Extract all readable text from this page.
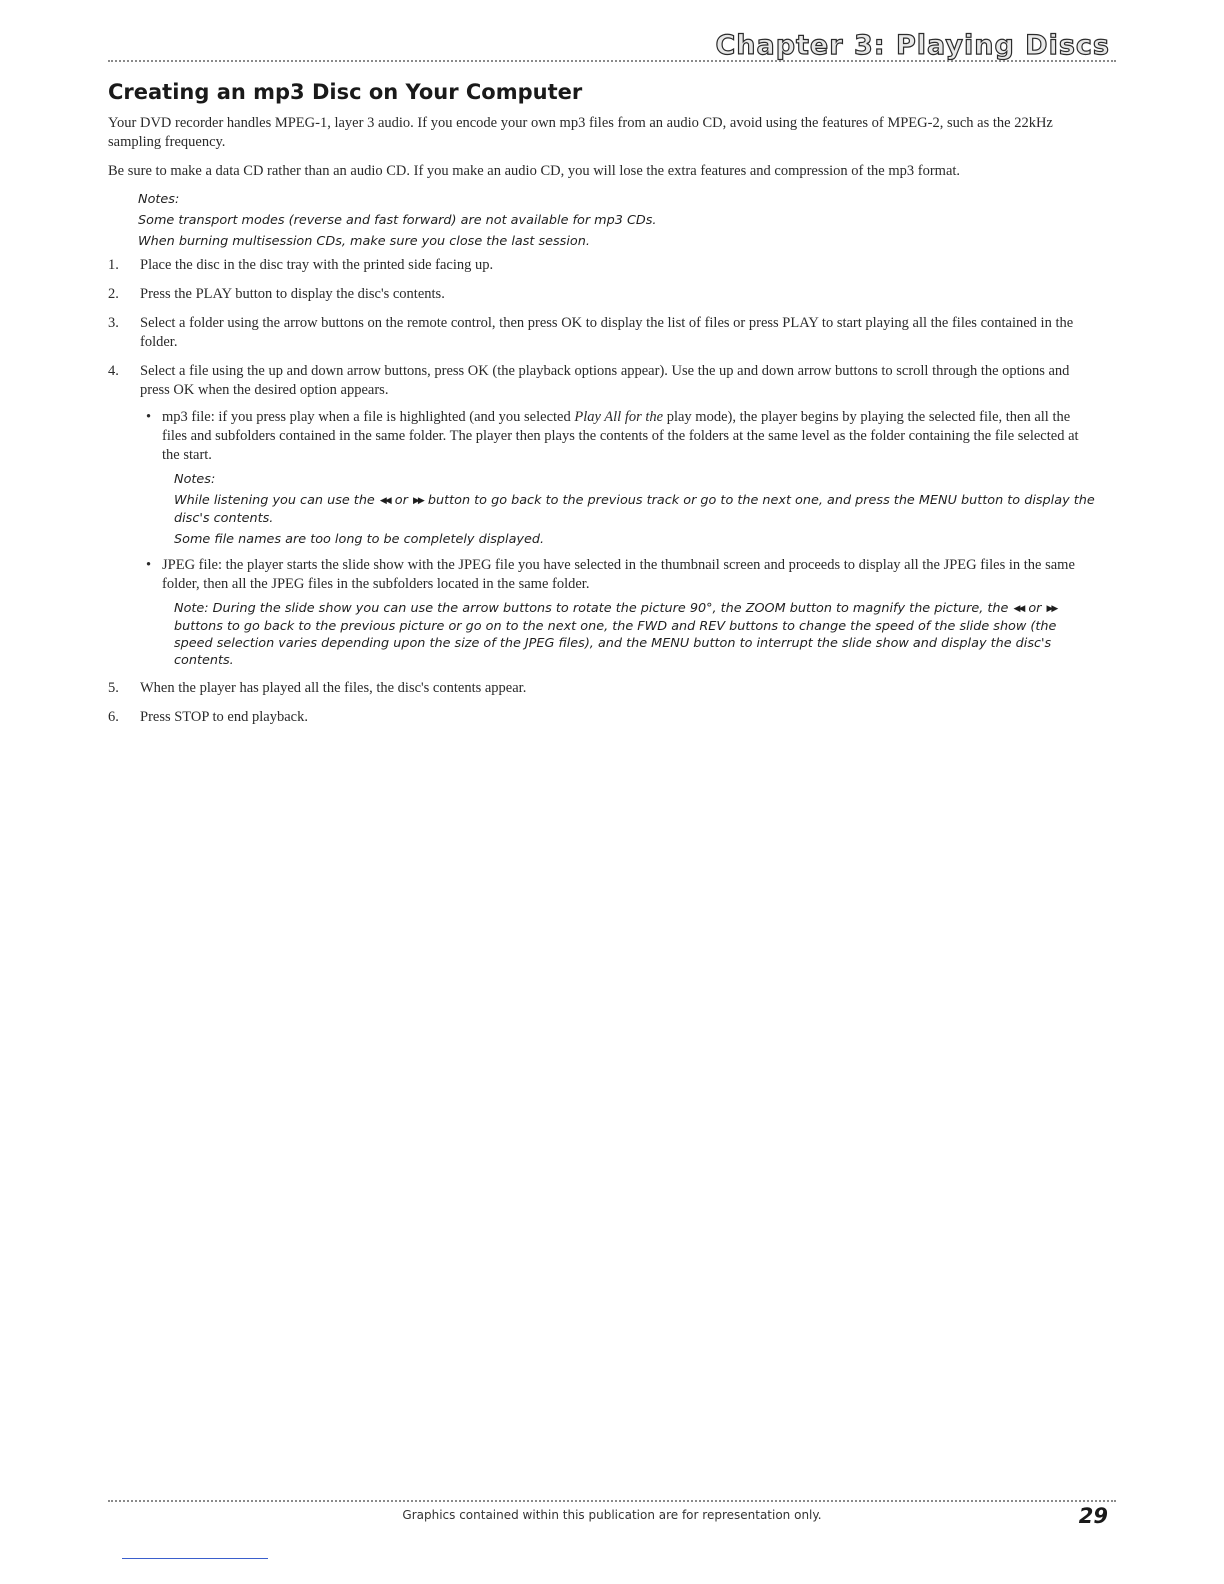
Chapter 3: Playing Discs
Creating an mp3 Disc on Your Computer

Your DVD recorder handles MPEG-1, layer 3 audio. If you encode your own mp3 files from an audio CD, avoid using the features of MPEG-2, such as the 22kHz sampling frequency.

Be sure to make a data CD rather than an audio CD. If you make an audio CD, you will lose the extra features and compression of the mp3 format.

Notes:
Some transport modes (reverse and fast forward) are not available for mp3 CDs.
When burning multisession CDs, make sure you close the last session.
1. Place the disc in the disc tray with the printed side facing up.
2. Press the PLAY button to display the disc's contents.
3. Select a folder using the arrow buttons on the remote control, then press OK to display the list of files or press PLAY to start playing all the files contained in the folder.
4. Select a file using the up and down arrow buttons, press OK (the playback options appear). Use the up and down arrow buttons to scroll through the options and press OK when the desired option appears.
• mp3 file: if you press play when a file is highlighted (and you selected Play All for the play mode), the player begins by playing the selected file, then all the files and subfolders contained in the same folder. The player then plays the contents of the folders at the same level as the folder containing the file selected at the start.
Notes:
While listening you can use the ◀◀ or ▶▶ button to go back to the previous track or go to the next one, and press the MENU button to display the disc's contents.
Some file names are too long to be completely displayed.
• JPEG file: the player starts the slide show with the JPEG file you have selected in the thumbnail screen and proceeds to display all the JPEG files in the same folder, then all the JPEG files in the subfolders located in the same folder.
Note: During the slide show you can use the arrow buttons to rotate the picture 90°, the ZOOM button to magnify the picture, the ◀◀ or ▶▶ buttons to go back to the previous picture or go on to the next one, the FWD and REV buttons to change the speed of the slide show (the speed selection varies depending upon the size of the JPEG files), and the MENU button to interrupt the slide show and display the disc's contents.
5. When the player has played all the files, the disc's contents appear.
6. Press STOP to end playback.
Graphics contained within this publication are for representation only.	29
